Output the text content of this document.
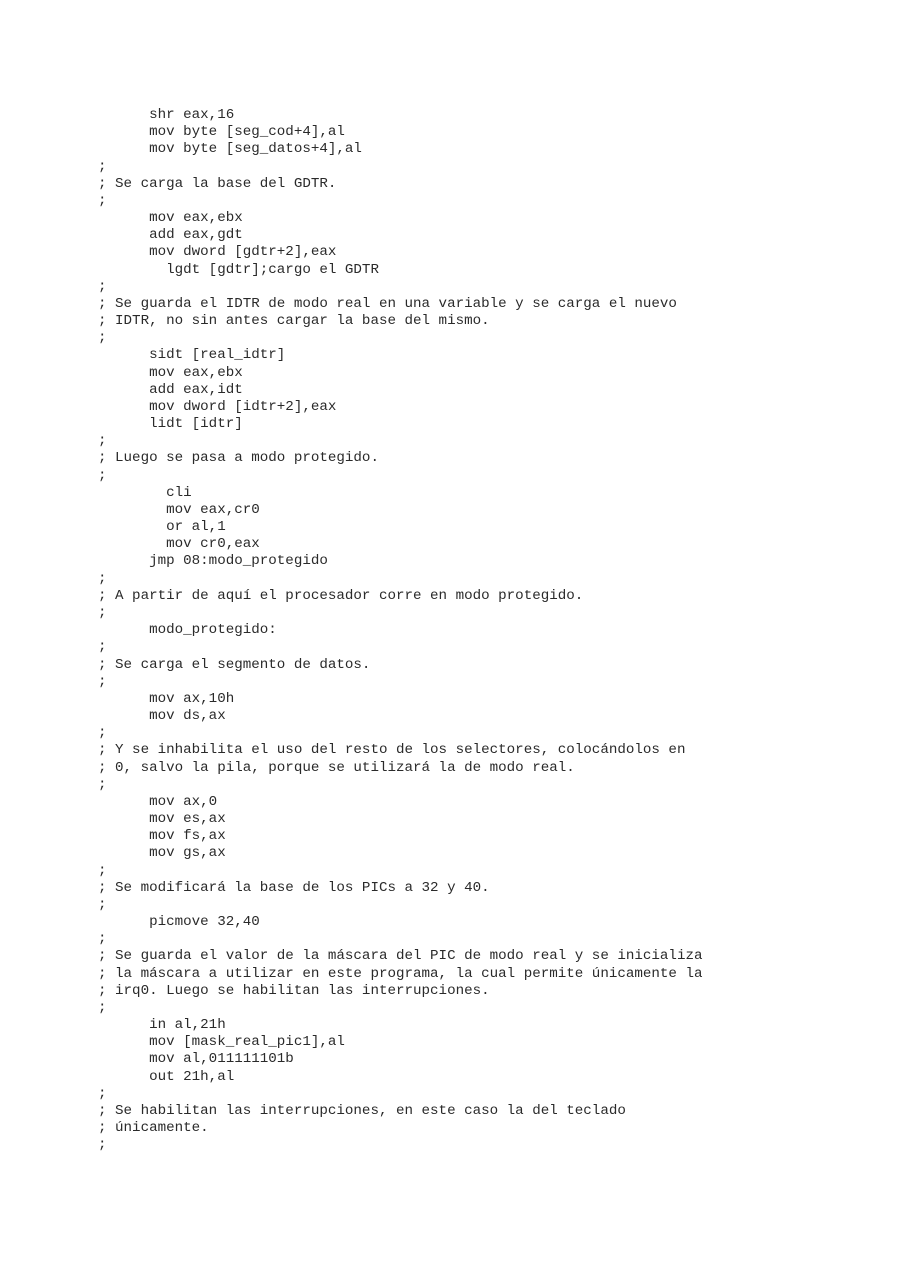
shr eax,16
mov byte [seg_cod+4],al
mov byte [seg_datos+4],al
;
; Se carga la base del GDTR.
;
mov eax,ebx
add eax,gdt
mov dword [gdtr+2],eax
lgdt [gdtr];cargo el GDTR
;
; Se guarda el IDTR de modo real en una variable y se carga el nuevo
; IDTR, no sin antes cargar la base del mismo.
;
sidt [real_idtr]
mov eax,ebx
add eax,idt
mov dword [idtr+2],eax
lidt [idtr]
;
; Luego se pasa a modo protegido.
;
cli
mov eax,cr0
or al,1
mov cr0,eax
jmp 08:modo_protegido
;
; A partir de aquí el procesador corre en modo protegido.
;
modo_protegido:
;
; Se carga el segmento de datos.
;
mov ax,10h
mov ds,ax
;
; Y se inhabilita el uso del resto de los selectores, colocándolos en
; 0, salvo la pila, porque se utilizará la de modo real.
;
mov ax,0
mov es,ax
mov fs,ax
mov gs,ax
;
; Se modificará la base de los PICs a 32 y 40.
;
picmove 32,40
;
; Se guarda el valor de la máscara del PIC de modo real y se inicializa
; la máscara a utilizar en este programa, la cual permite únicamente la
; irq0. Luego se habilitan las interrupciones.
;
in al,21h
mov [mask_real_pic1],al
mov al,011111101b
out 21h,al
;
; Se habilitan las interrupciones, en este caso la del teclado
; únicamente.
;
